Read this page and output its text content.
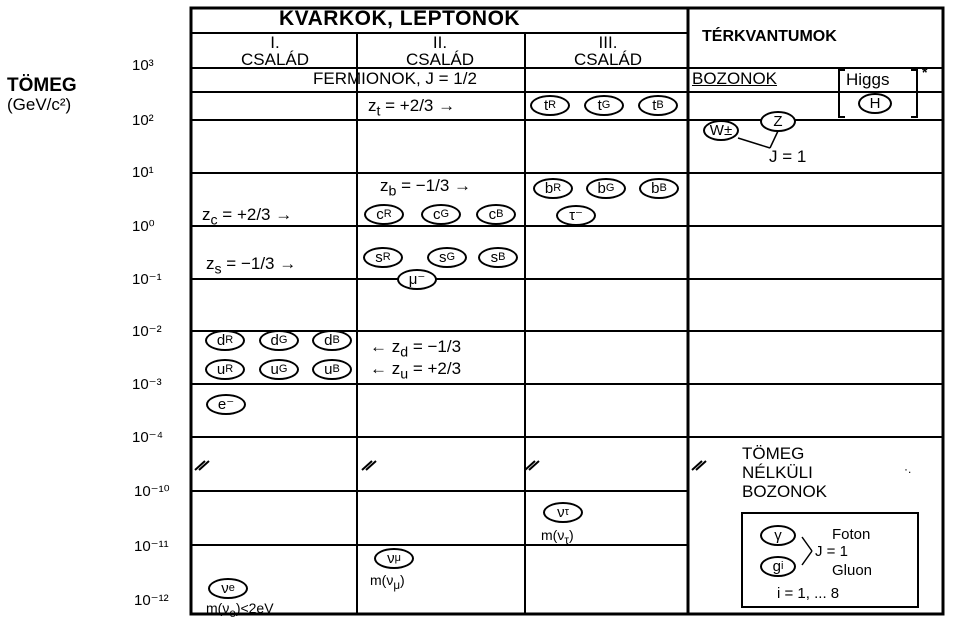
KVARKOK, LEPTONOK
I.
CSALÁD
II.
CSALÁD
III.
CSALÁD
TÉRKVANTUMOK
FERMIONOK, J = 1/2	BOZONOK	Higgs *
H
TÖMEG
(GeV/c²)
10³
10²
10¹
10⁰
10⁻¹
10⁻²
10⁻³
10⁻⁴
10⁻¹⁰
10⁻¹¹
10⁻¹²
$z_t = +2/3$ →
$z_b = -1/3$ →
$z_c = +2/3$ →
$z_s = -1/3$ →
← $z_d = -1/3$
← $z_u = +2/3$
t R	t G	t B
W±
Z
J = 1
b R b G b B
τ⁻
c R	c G	c B
s R	s G s B
μ⁻
d R d G d B
u R u G u B
e⁻
TÖMEG
NÉLKÜLI
BOZONOK
·.
γ	Foton
J = 1
g i	Gluon
i = 1, ... 8
ν τ
$m(\nu_\tau)$
ν μ
$m(\nu_\mu)$
ν e
$m(\nu_e)<2eV$
